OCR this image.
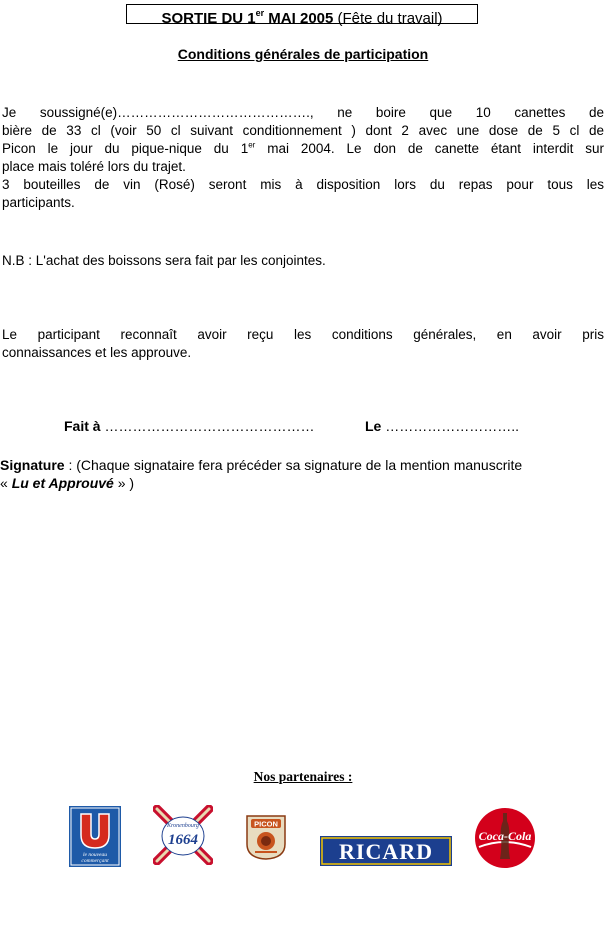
SORTIE DU 1er MAI 2005 (Fête du travail)
Conditions générales de participation
Je soussigné(e)……………………………………., ne boire que 10 canettes de
bière de 33 cl (voir 50 cl suivant conditionnement ) dont 2 avec une dose de 5 cl de
Picon le jour du pique-nique du 1er mai 2004. Le don de canette étant interdit sur
place mais toléré lors du trajet.
3 bouteilles de vin (Rosé) seront mis à disposition lors du repas pour tous les
participants.
N.B : L'achat des boissons sera fait par les conjointes.
Le participant reconnaît avoir reçu les conditions générales, en avoir pris
connaissances et les approuve.
Fait à ………………………………………	Le ………………………..
Signature : (Chaque signataire fera précéder sa signature de la mention manuscrite
« Lu et Approuvé » )
Nos partenaires :
le nouveau
commerçant
Kronenbourg
1664
PICON
RICARD
Coca-Cola
